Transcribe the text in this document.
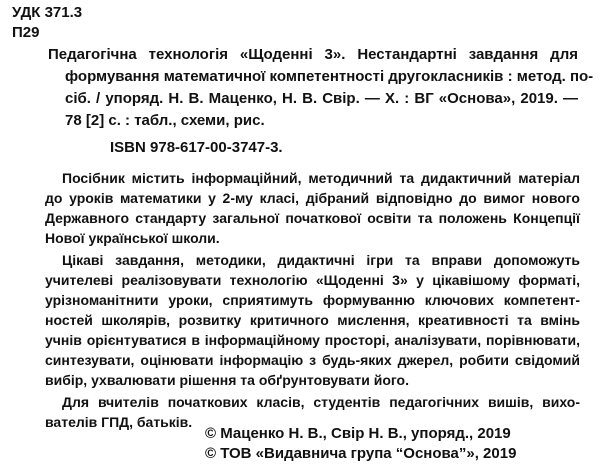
УДК 371.3
П29
Педагогічна технологія «Щоденні 3». Нестандартні завдання для
формування математичної компетентності другокласників : метод. по-
сіб. / упоряд. Н. В. Маценко, Н. В. Свір. — Х. : ВГ «Основа», 2019. —
78 [2] с. : табл., схеми, рис.
ISBN 978-617-00-3747-3.
Посібник містить інформаційний, методичний та дидактичний матеріал
до уроків математики у 2-му класі, дібраний відповідно до вимог нового
Державного стандарту загальної початкової освіти та положень Концепції
Нової української школи.
Цікаві завдання, методики, дидактичні ігри та вправи допоможуть
учителеві реалізовувати технологію «Щоденні 3» у цікавішому форматі,
урізноманітнити уроки, сприятимуть формуванню ключових компетент-
ностей школярів, розвитку критичного мислення, креативності та вмінь
учнів орієнтуватися в інформаційному просторі, аналізувати, порівнювати,
синтезувати, оцінювати інформацію з будь-яких джерел, робити свідомий
вибір, ухвалювати рішення та обґрунтовувати його.
Для вчителів початкових класів, студентів педагогічних вишів, вихо-
вателів ГПД, батьків.
© Маценко Н. В., Свір Н. В., упоряд., 2019
© ТОВ «Видавнича група “Основа”», 2019
